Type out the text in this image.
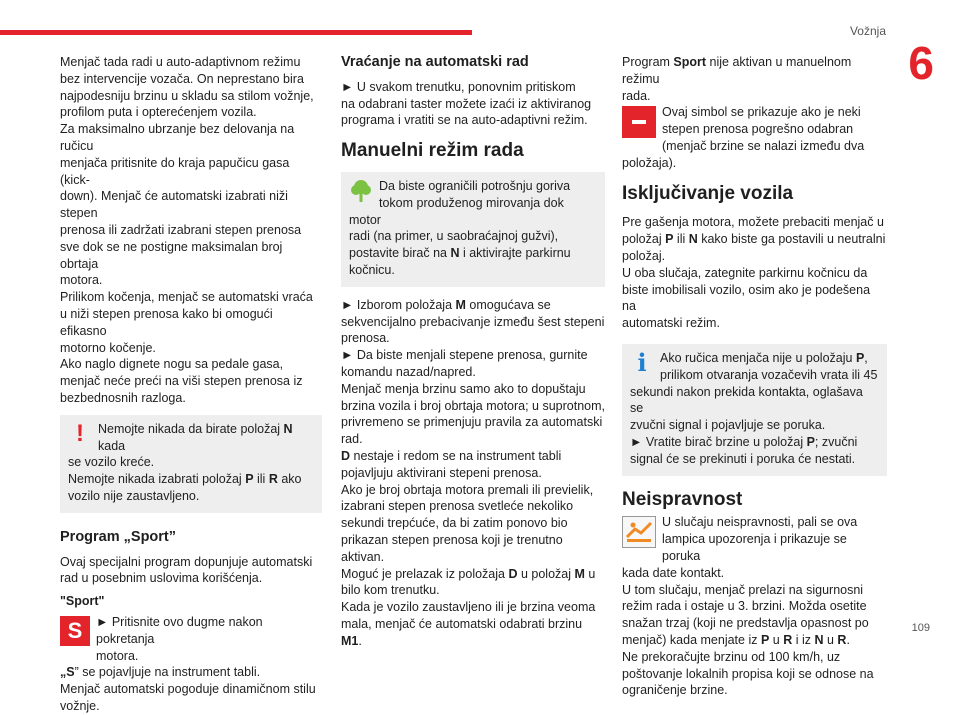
Vožnja
6
109

Menjač tada radi u auto-adaptivnom režimu
bez intervencije vozača. On neprestano bira
najpodesniju brzinu u skladu sa stilom vožnje,
profilom puta i opterećenjem vozila.
Za maksimalno ubrzanje bez delovanja na ručicu
menjača pritisnite do kraja papučicu gasa (kick-
down). Menjač će automatski izabrati niži stepen
prenosa ili zadržati izabrani stepen prenosa
sve dok se ne postigne maksimalan broj obrtaja
motora.
Prilikom kočenja, menjač se automatski vraća
u niži stepen prenosa kako bi omogući efikasno
motorno kočenje.
Ako naglo dignete nogu sa pedale gasa,
menjač neće preći na viši stepen prenosa iz
bezbednosnih razloga.

!	Nemojte nikada da birate položaj N kada
se vozilo kreće.
Nemojte nikada izabrati položaj P ili R ako
vozilo nije zaustavljeno.

Program „Sport”

Ovaj specijalni program dopunjuje automatski
rad u posebnim uslovima korišćenja.

"Sport"
S	► Pritisnite ovo dugme nakon pokretanja
motora.

„S” se pojavljuje na instrument tabli.
Menjač automatski pogoduje dinamičnom stilu
vožnje.

Vraćanje na automatski rad

► U svakom trenutku, ponovnim pritiskom
na odabrani taster možete izaći iz aktiviranog
programa i vratiti se na auto-adaptivni režim.

Manuelni režim rada

Da biste ograničili potrošnju goriva
tokom produženog mirovanja dok motor
radi (na primer, u saobraćajnoj gužvi),
postavite birač na N i aktivirajte parkirnu
kočnicu.

► Izborom položaja M omogućava se
sekvencijalno prebacivanje između šest stepeni
prenosa.
► Da biste menjali stepene prenosa, gurnite
komandu nazad/napred.
Menjač menja brzinu samo ako to dopuštaju
brzina vozila i broj obrtaja motora; u suprotnom,
privremeno se primenjuju pravila za automatski
rad.
D nestaje i redom se na instrument tabli
pojavljuju aktivirani stepeni prenosa.
Ako je broj obrtaja motora premali ili previelik,
izabrani stepen prenosa svetleće nekoliko
sekundi trepćuće, da bi zatim ponovo bio
prikazan stepen prenosa koji je trenutno aktivan.
Moguć je prelazak iz položaja D u položaj M u
bilo kom trenutku.
Kada je vozilo zaustavljeno ili je brzina veoma
mala, menjač će automatski odabrati brzinu M1.

Program Sport nije aktivan u manuelnom režimu
rada.

Ovaj simbol se prikazuje ako je neki
stepen prenosa pogrešno odabran
(menjač brzine se nalazi između dva položaja).

Isključivanje vozila

Pre gašenja motora, možete prebaciti menjač u
položaj P ili N kako biste ga postavili u neutralni
položaj.
U oba slučaja, zategnite parkirnu kočnicu da
biste imobilisali vozilo, osim ako je podešena na
automatski režim.

i	Ako ručica menjača nije u položaju P,
prilikom otvaranja vozačevih vrata ili 45
sekundi nakon prekida kontakta, oglašava se
zvučni signal i pojavljuje se poruka.
► Vratite birač brzine u položaj P; zvučni
signal će se prekinuti i poruka će nestati.

Neispravnost

U slučaju neispravnosti, pali se ova
lampica upozorenja i prikazuje se poruka
kada date kontakt.
U tom slučaju, menjač prelazi na sigurnosni
režim rada i ostaje u 3. brzini. Možda osetite
snažan trzaj (koji ne predstavlja opasnost po
menjač) kada menjate iz P u R i iz N u R.
Ne prekoračujte brzinu od 100 km/h, uz
poštovanje lokalnih propisa koji se odnose na
ograničenje brzine.
